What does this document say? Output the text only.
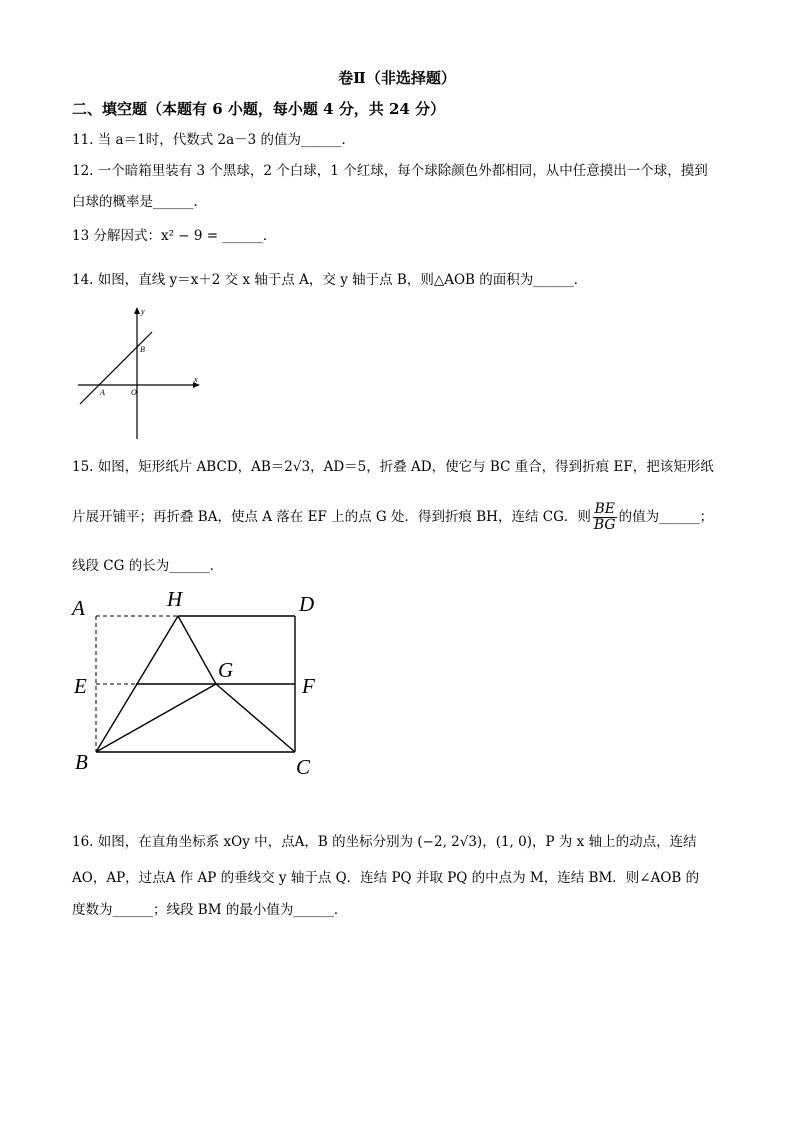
卷Ⅱ（非选择题）
二、填空题（本题有 6 小题，每小题 4 分，共 24 分）
11. 当 a＝1时，代数式 2a－3 的值为______．
12. 一个暗箱里装有 3 个黑球，2 个白球，1 个红球，每个球除颜色外都相同，从中任意摸出一个球，摸到
白球的概率是______．
13 分解因式：x² − 9 = ______．
14. 如图，直线 y＝x＋2 交 x 轴于点 A，交 y 轴于点 B，则△AOB 的面积为______．
y
x
B
A	O
15. 如图，矩形纸片 ABCD，AB＝2√3，AD＝5，折叠 AD，使它与 BC 重合，得到折痕 EF，把该矩形纸
片展开铺平；再折叠 BA，使点 A 落在 EF 上的点 G 处．得到折痕 BH，连结 CG．则 $\frac{BE}{BG}$ 的值为______；
线段 CG 的长为______．
A	H	D
E
G
F
B	C
16. 如图，在直角坐标系 xOy 中，点A，B 的坐标分别为 (−2, 2√3)，(1, 0)，P 为 x 轴上的动点，连结
AO，AP，过点A 作 AP 的垂线交 y 轴于点 Q．连结 PQ 并取 PQ 的中点为 M，连结 BM．则∠AOB 的
度数为______；线段 BM 的最小值为______．
